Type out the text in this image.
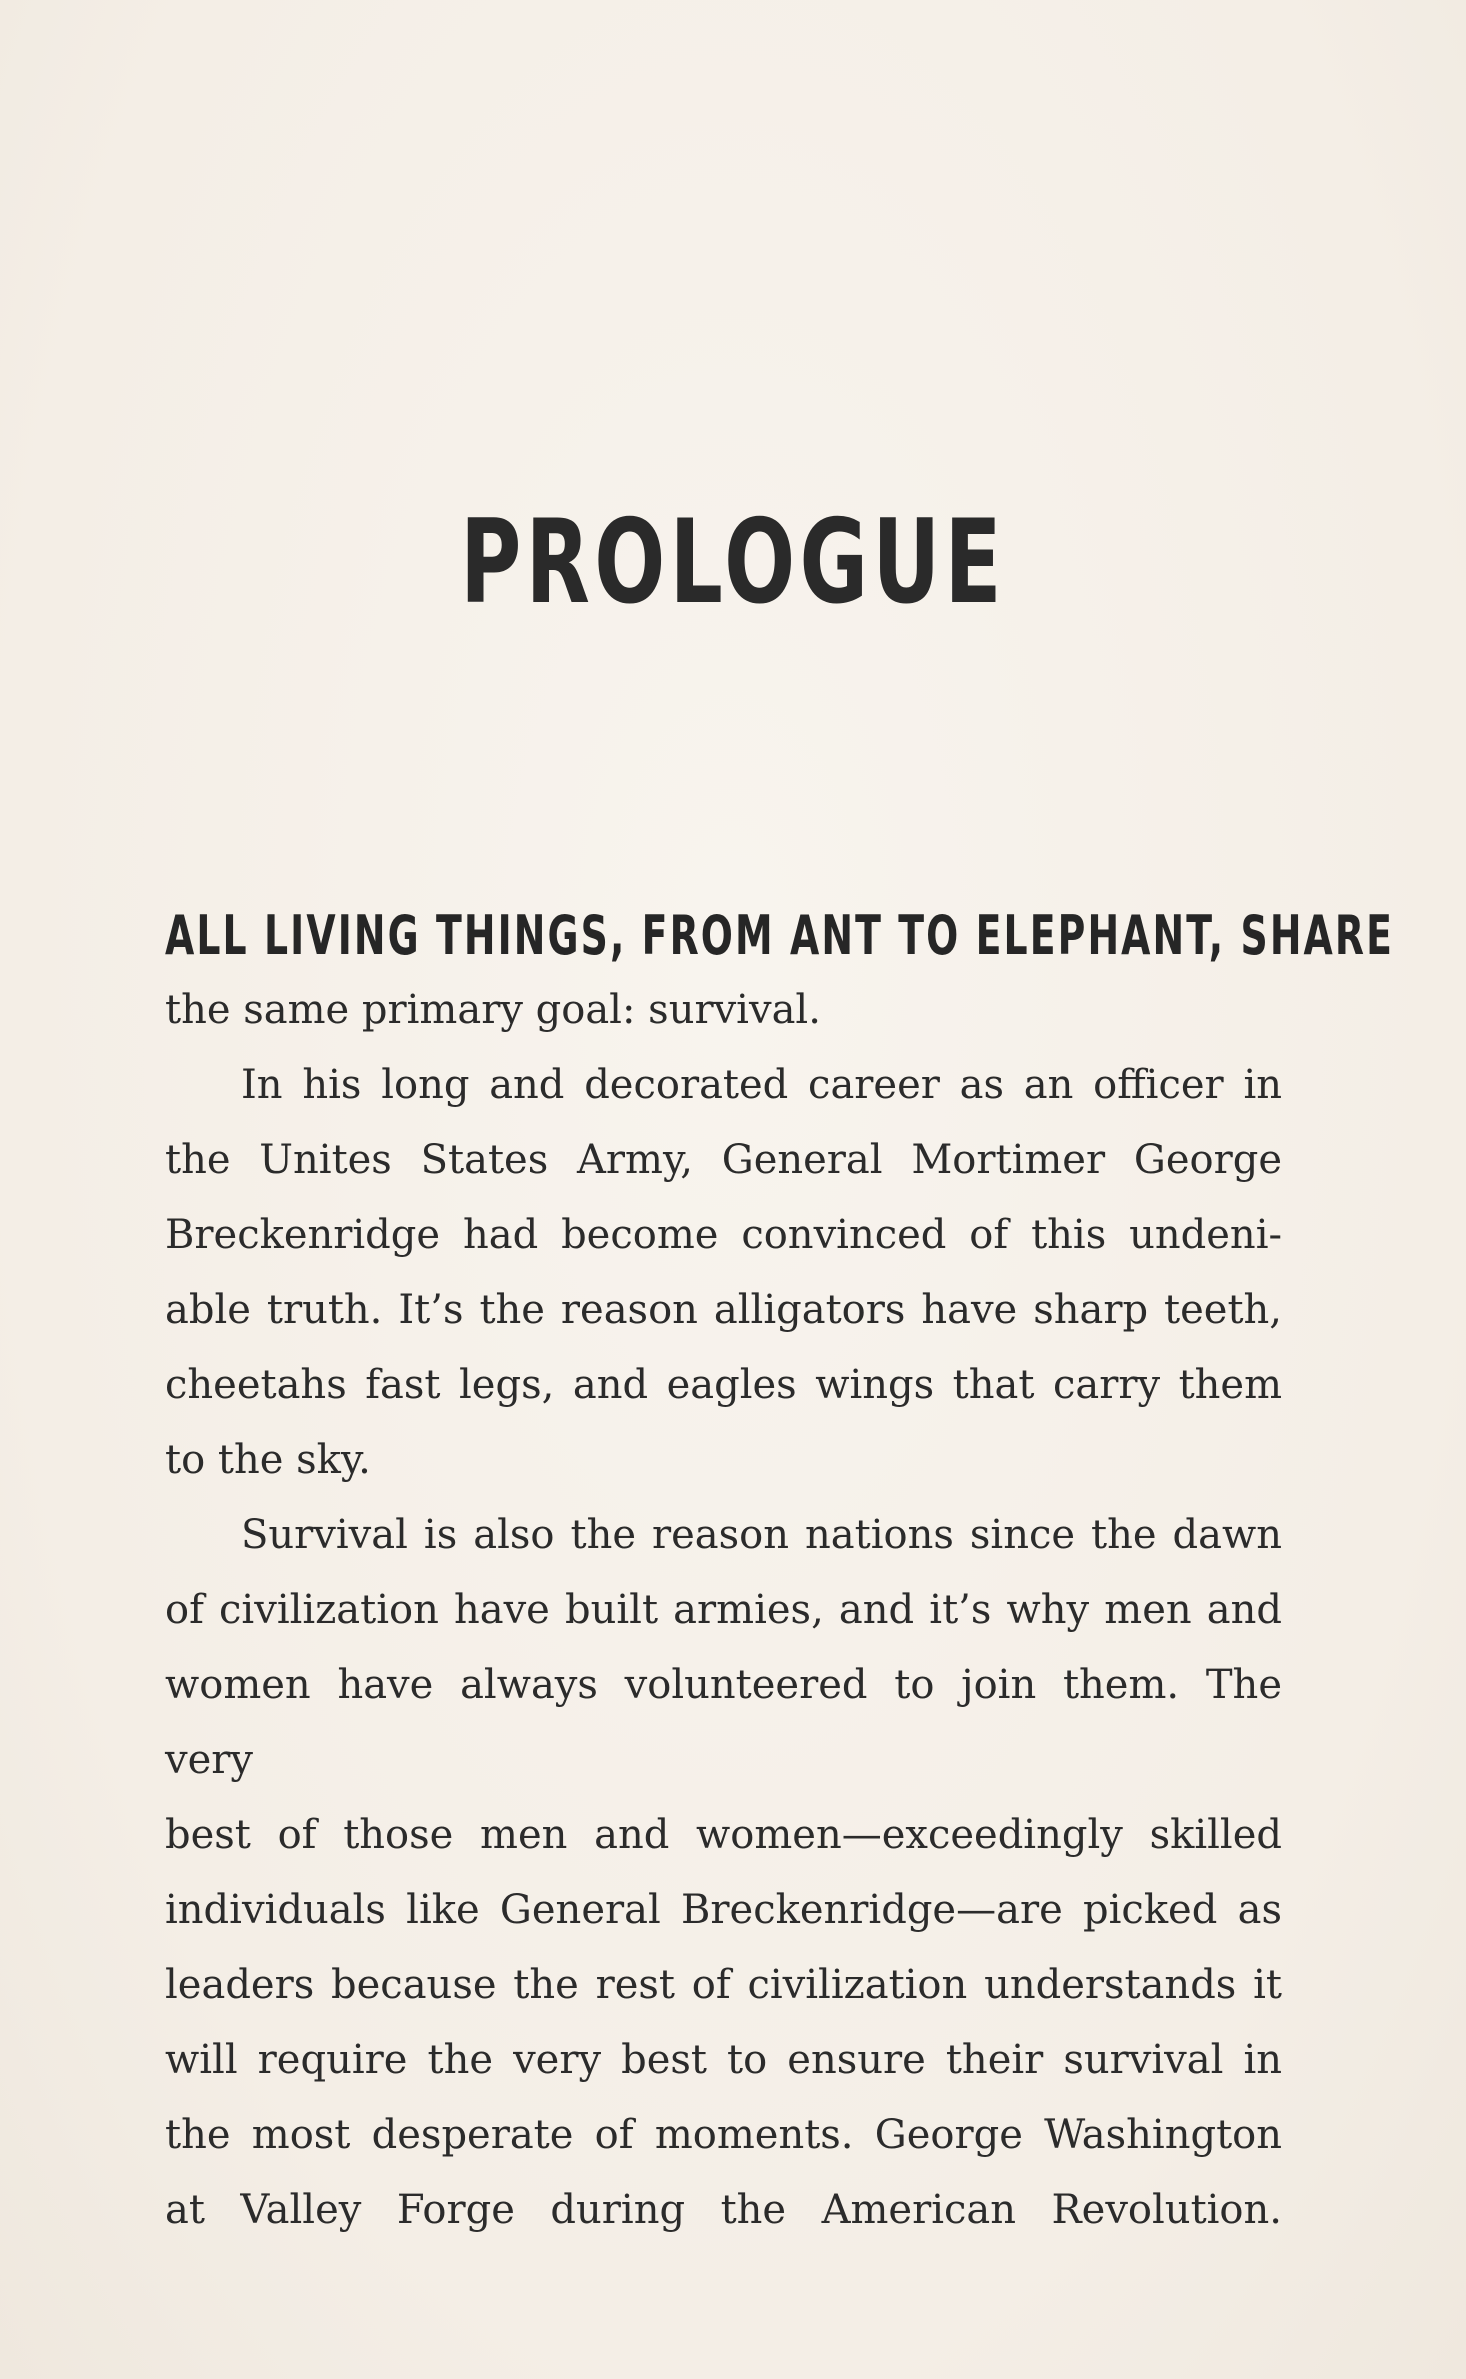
PROLOGUE
ALL LIVING THINGS, FROM ANT TO ELEPHANT, SHARE

the same primary goal: survival.

In his long and decorated career as an officer in
the Unites States Army, General Mortimer George
Breckenridge had become convinced of this undeni-
able truth. It’s the reason alligators have sharp teeth,
cheetahs fast legs, and eagles wings that carry them
to the sky.

Survival is also the reason nations since the dawn
of civilization have built armies, and it’s why men and
women have always volunteered to join them. The very
best of those men and women—exceedingly skilled
individuals like General Breckenridge—are picked as
leaders because the rest of civilization understands it
will require the very best to ensure their survival in
the most desperate of moments. George Washington
at Valley Forge during the American Revolution.
